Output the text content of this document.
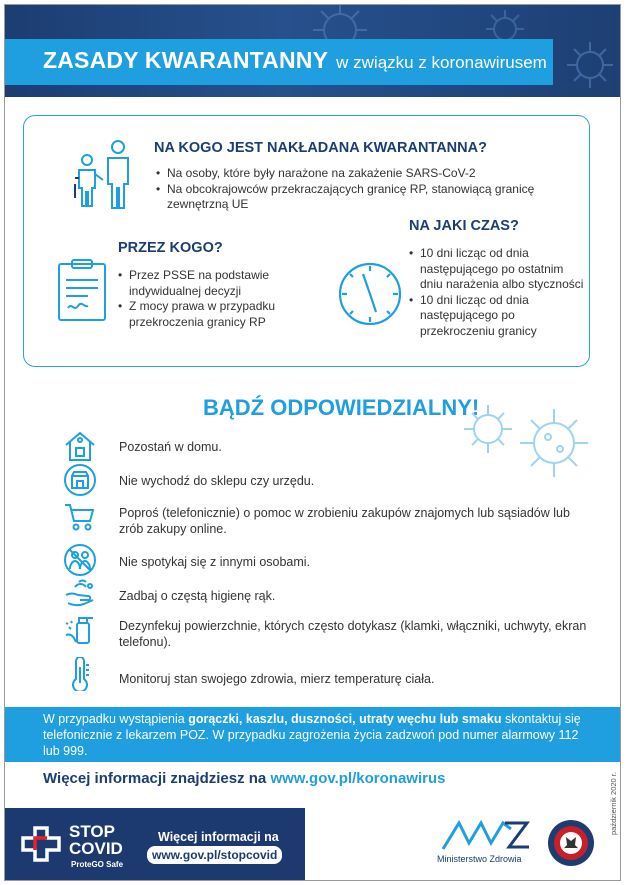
ZASADY KWARANTANNY w związku z koronawirusem
NA KOGO JEST NAKŁADANA KWARANTANNA?
• Na osoby, które były narażone na zakażenie SARS-CoV-2
• Na obcokrajowców przekraczających granicę RP, stanowiącą granicę zewnętrzną UE
PRZEZ KOGO?
• Przez PSSE na podstawie indywidualnej decyzji
• Z mocy prawa w przypadku przekroczenia granicy RP
NA JAKI CZAS?
• 10 dni licząc od dnia następującego po ostatnim dniu narażenia albo styczności
• 10 dni licząc od dnia następującego po przekroczeniu granicy
BĄDŹ ODPOWIEDZIALNY!
Pozostań w domu.
Nie wychodź do sklepu czy urzędu.
Poproś (telefonicznie) o pomoc w zrobieniu zakupów znajomych lub sąsiadów lub zrób zakupy online.
Nie spotykaj się z innymi osobami.
Zadbaj o częstą higienę rąk.
Dezynfekuj powierzchnie, których często dotykasz (klamki, włączniki, uchwyty, ekran telefonu).
Monitoruj stan swojego zdrowia, mierz temperaturę ciała.
W przypadku wystąpienia gorączki, kaszlu, duszności, utraty węchu lub smaku skontaktuj się telefonicznie z lekarzem POZ. W przypadku zagrożenia życia zadzwoń pod numer alarmowy 112 lub 999.
Więcej informacji znajdziesz na www.gov.pl/koronawirus
STOP
COVID
ProteGO Safe
Więcej informacji na
www.gov.pl/stopcovid	Ministerstwo Zdrowia
październik 2020 r.
